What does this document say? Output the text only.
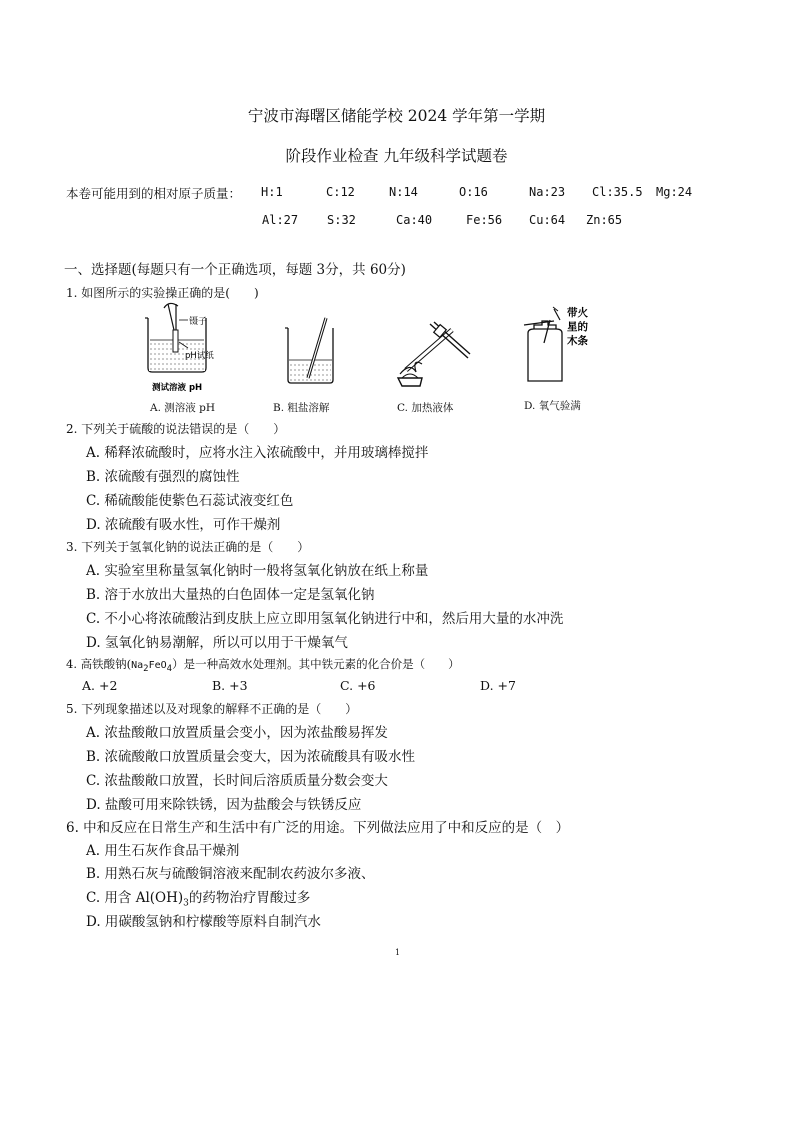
宁波市海曙区储能学校 2024 学年第一学期
阶段作业检查 九年级科学试题卷
本卷可能用到的相对原子质量： H:1	C:12	N:14	O:16	Na:23 Cl:35.5 Mg:24
Al:27 S:32	Ca:40	Fe:56 Cu:64 Zn:65
一、选择题(每题只有一个正确选项，每题 3分，共 60分)
1. 如图所示的实验操正确的是(　　)
镊子
pH试纸
测试溶液 pH
带火
星的
木条
A. 测溶液 pH	B. 粗盐溶解	C. 加热液体	D. 氧气验满
2. 下列关于硫酸的说法错误的是（　　）
A. 稀释浓硫酸时，应将水注入浓硫酸中，并用玻璃棒搅拌
B. 浓硫酸有强烈的腐蚀性
C. 稀硫酸能使紫色石蕊试液变红色
D. 浓硫酸有吸水性，可作干燥剂
3. 下列关于氢氧化钠的说法正确的是（　　）
A. 实验室里称量氢氧化钠时一般将氢氧化钠放在纸上称量
B. 溶于水放出大量热的白色固体一定是氢氧化钠
C. 不小心将浓硫酸沾到皮肤上应立即用氢氧化钠进行中和，然后用大量的水冲洗
D. 氢氧化钠易潮解，所以可以用于干燥氧气
4. 高铁酸钠$(Na_2FeO_4)$是一种高效水处理剂。其中铁元素的化合价是（　　）
A. +2	B. +3	C. +6	D. +7
5. 下列现象描述以及对现象的解释不正确的是（　　）
A. 浓盐酸敞口放置质量会变小，因为浓盐酸易挥发
B. 浓硫酸敞口放置质量会变大，因为浓硫酸具有吸水性
C. 浓盐酸敞口放置，长时间后溶质质量分数会变大
D. 盐酸可用来除铁锈，因为盐酸会与铁锈反应
6. 中和反应在日常生产和生活中有广泛的用途。下列做法应用了中和反应的是（　）
A. 用生石灰作食品干燥剂
B. 用熟石灰与硫酸铜溶液来配制农药波尔多液、
C. 用含 $Al(OH)_3$的药物治疗胃酸过多
D. 用碳酸氢钠和柠檬酸等原料自制汽水
1
